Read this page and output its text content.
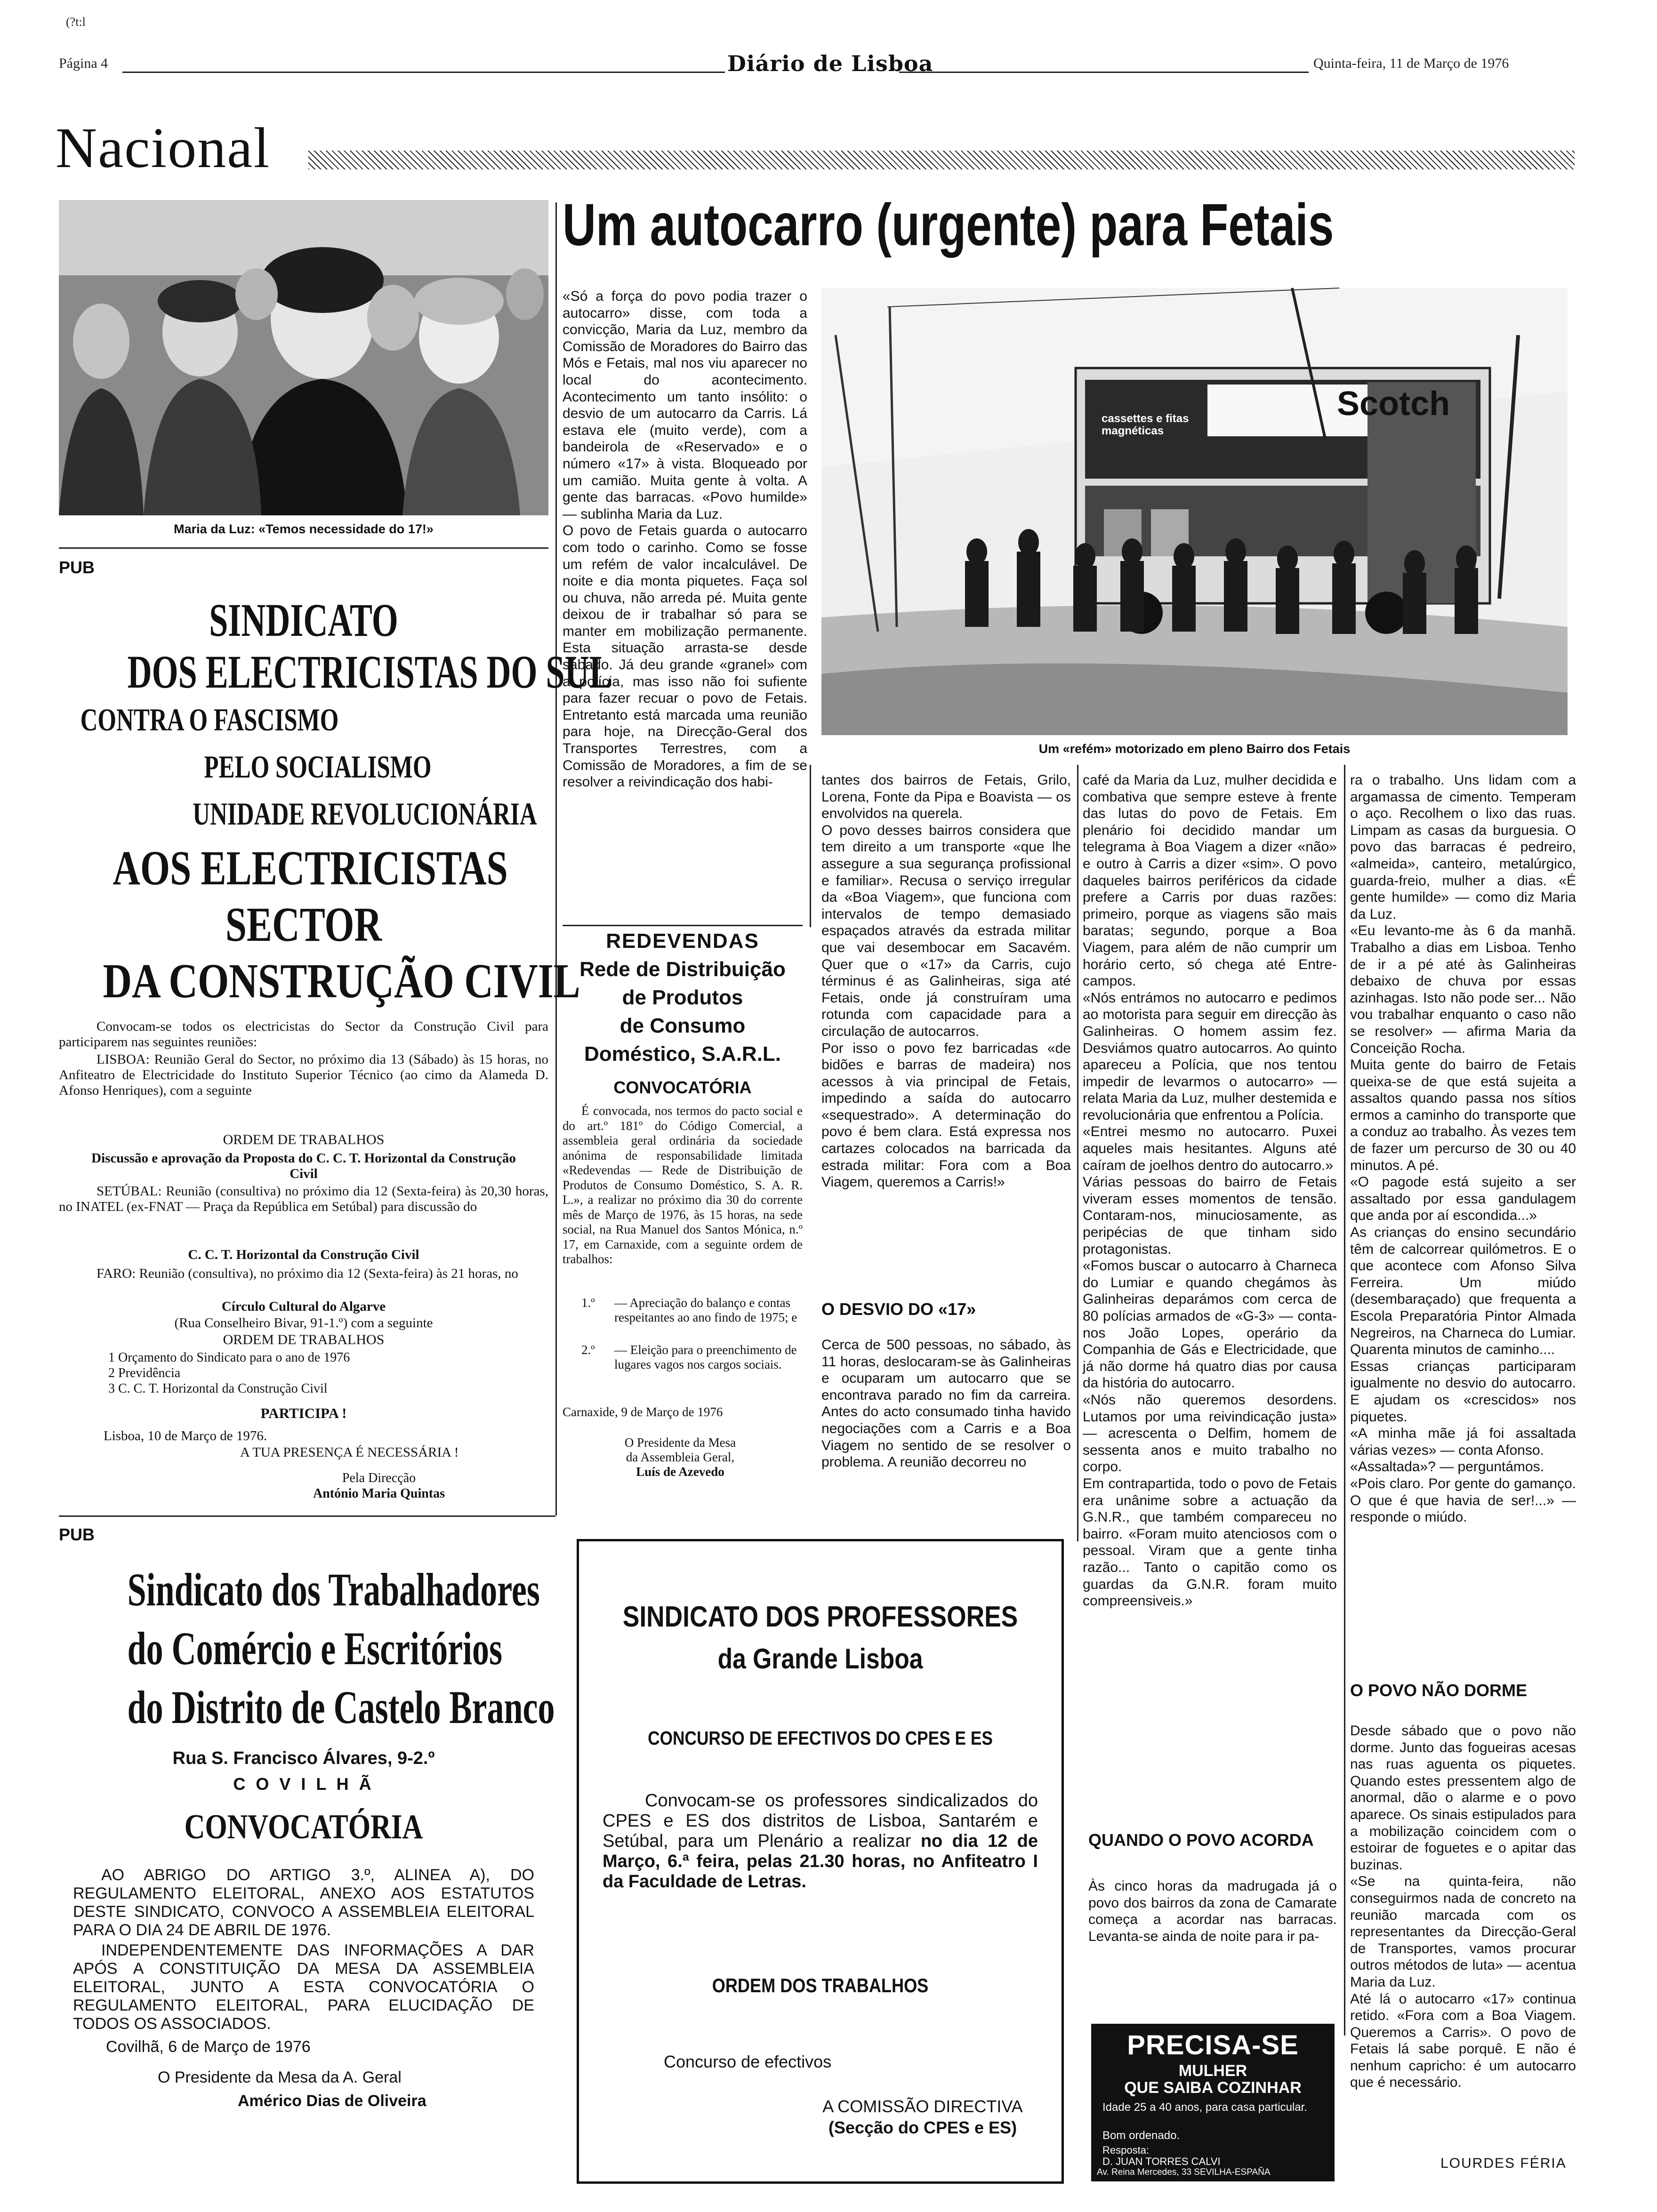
(?t:l
Página 4	Diário de Lisboa	Quinta-feira, 11 de Março de 1976
Nacional
Maria da Luz: «Temos necessidade do 17!»
Um autocarro (urgente) para Fetais
«Só a força do povo podia trazer o autocarro» disse, com toda a convicção, Maria da Luz, membro da Comissão de Moradores do Bairro das Mós e Fetais, mal nos viu aparecer no local do acontecimento. Acontecimento um tanto insólito: o desvio de um autocarro da Carris. Lá estava ele (muito verde), com a bandeirola de «Reservado» e o número «17» à vista. Bloqueado por um camião. Muita gente à volta. A gente das barracas. «Povo humilde» — sublinha Maria da Luz.
O povo de Fetais guarda o autocarro com todo o carinho. Como se fosse um refém de valor incalculável. De noite e dia monta piquetes. Faça sol ou chuva, não arreda pé. Muita gente deixou de ir trabalhar só para se manter em mobilização permanente. Esta situação arrasta-se desde sábado. Já deu grande «granel» com a polícia, mas isso não foi sufiente para fazer recuar o povo de Fetais. Entretanto está marcada uma reunião para hoje, na Direcção-Geral dos Transportes Terrestres, com a Comissão de Moradores, a fim de se resolver a reivindicação dos habi-
Scotch
cassettes e fitas magnéticas
Um «refém» motorizado em pleno Bairro dos Fetais
tantes dos bairros de Fetais, Grilo, Lorena, Fonte da Pipa e Boavista — os envolvidos na querela.
O povo desses bairros considera que tem direito a um transporte «que lhe assegure a sua segurança profissional e familiar». Recusa o serviço irregular da «Boa Viagem», que funciona com intervalos de tempo demasiado espaçados através da estrada militar que vai desembocar em Sacavém. Quer que o «17» da Carris, cujo términus é as Galinheiras, siga até Fetais, onde já construíram uma rotunda com capacidade para a circulação de autocarros.
Por isso o povo fez barricadas «de bidões e barras de madeira) nos acessos à via principal de Fetais, impedindo a saída do autocarro «sequestrado». A determinação do povo é bem clara. Está expressa nos cartazes colocados na barricada da estrada militar: Fora com a Boa Viagem, queremos a Carris!»
O DESVIO DO «17»
Cerca de 500 pessoas, no sábado, às 11 horas, deslocaram-se às Galinheiras e ocuparam um autocarro que se encontrava parado no fim da carreira. Antes do acto consumado tinha havido negociações com a Carris e a Boa Viagem no sentido de se resolver o problema. A reunião decorreu no
café da Maria da Luz, mulher decidida e combativa que sempre esteve à frente das lutas do povo de Fetais. Em plenário foi decidido mandar um telegrama à Boa Viagem a dizer «não» e outro à Carris a dizer «sim». O povo daqueles bairros periféricos da cidade prefere a Carris por duas razões: primeiro, porque as viagens são mais baratas; segundo, porque a Boa Viagem, para além de não cumprir um horário certo, só chega até Entre-campos.
«Nós entrámos no autocarro e pedimos ao motorista para seguir em direcção às Galinheiras. O homem assim fez. Desviámos quatro autocarros. Ao quinto apareceu a Polícia, que nos tentou impedir de levarmos o autocarro» — relata Maria da Luz, mulher destemida e revolucionária que enfrentou a Polícia.
«Entrei mesmo no autocarro. Puxei aqueles mais hesitantes. Alguns até caíram de joelhos dentro do autocarro.»
Várias pessoas do bairro de Fetais viveram esses momentos de tensão. Contaram-nos, minuciosamente, as peripécias de que tinham sido protagonistas.
«Fomos buscar o autocarro à Charneca do Lumiar e quando chegámos às Galinheiras deparámos com cerca de 80 polícias armados de «G-3» — conta-nos João Lopes, operário da Companhia de Gás e Electricidade, que já não dorme há quatro dias por causa da história do autocarro.
«Nós não queremos desordens. Lutamos por uma reivindicação justa» — acrescenta o Delfim, homem de sessenta anos e muito trabalho no corpo.
Em contrapartida, todo o povo de Fetais era unânime sobre a actuação da G.N.R., que também compareceu no bairro. «Foram muito atenciosos com o pessoal. Viram que a gente tinha razão... Tanto o capitão como os guardas da G.N.R. foram muito compreensiveis.»
QUANDO O POVO ACORDA
Às cinco horas da madrugada já o povo dos bairros da zona de Camarate começa a acordar nas barracas. Levanta-se ainda de noite para ir pa-
ra o trabalho. Uns lidam com a argamassa de cimento. Temperam o aço. Recolhem o lixo das ruas. Limpam as casas da burguesia. O povo das barracas é pedreiro, «almeida», canteiro, metalúrgico, guarda-freio, mulher a dias. «É gente humilde» — como diz Maria da Luz.
«Eu levanto-me às 6 da manhã. Trabalho a dias em Lisboa. Tenho de ir a pé até às Galinheiras debaixo de chuva por essas azinhagas. Isto não pode ser... Não vou trabalhar enquanto o caso não se resolver» — afirma Maria da Conceição Rocha.
Muita gente do bairro de Fetais queixa-se de que está sujeita a assaltos quando passa nos sítios ermos a caminho do transporte que a conduz ao trabalho. Às vezes tem de fazer um percurso de 30 ou 40 minutos. A pé.
«O pagode está sujeito a ser assaltado por essa gandulagem que anda por aí escondida...»
As crianças do ensino secundário têm de calcorrear quilómetros. E o que acontece com Afonso Silva Ferreira. Um miúdo (desembaraçado) que frequenta a Escola Preparatória Pintor Almada Negreiros, na Charneca do Lumiar. Quarenta minutos de caminho....
Essas crianças participaram igualmente no desvio do autocarro. E ajudam os «crescidos» nos piquetes.
«A minha mãe já foi assaltada várias vezes» — conta Afonso.
«Assaltada»? — perguntámos.
«Pois claro. Por gente do gamanço. O que é que havia de ser!...» — responde o miúdo.
O POVO NÃO DORME
Desde sábado que o povo não dorme. Junto das fogueiras acesas nas ruas aguenta os piquetes. Quando estes pressentem algo de anormal, dão o alarme e o povo aparece. Os sinais estipulados para a mobilização coincidem com o estoirar de foguetes e o apitar das buzinas.
«Se na quinta-feira, não conseguirmos nada de concreto na reunião marcada com os representantes da Direcção-Geral de Transportes, vamos procurar outros métodos de luta» — acentua Maria da Luz.
Até lá o autocarro «17» continua retido. «Fora com a Boa Viagem. Queremos a Carris». O povo de Fetais lá sabe porquê. E não é nenhum capricho: é um autocarro que é necessário.
LOURDES FÉRIA
PUB
SINDICATO
DOS ELECTRICISTAS DO SUL
CONTRA O FASCISMO
PELO SOCIALISMO
UNIDADE REVOLUCIONÁRIA
AOS ELECTRICISTAS
SECTOR
DA CONSTRUÇÃO CIVIL
Convocam-se todos os electricistas do Sector da Construção Civil para participarem nas seguintes reuniões:
LISBOA: Reunião Geral do Sector, no próximo dia 13 (Sábado) às 15 horas, no Anfiteatro de Electricidade do Instituto Superior Técnico (ao cimo da Alameda D. Afonso Henriques), com a seguinte
ORDEM DE TRABALHOS
Discussão e aprovação da Proposta do C. C. T. Horizontal da Construção Civil
SETÚBAL: Reunião (consultiva) no próximo dia 12 (Sexta-feira) às 20,30 horas, no INATEL (ex-FNAT — Praça da República em Setúbal) para discussão do
C. C. T. Horizontal da Construção Civil
FARO: Reunião (consultiva), no próximo dia 12 (Sexta-feira) às 21 horas, no
Círculo Cultural do Algarve
(Rua Conselheiro Bivar, 91-1.º) com a seguinte
ORDEM DE TRABALHOS
1 Orçamento do Sindicato para o ano de 1976
2 Previdência
3 C. C. T. Horizontal da Construção Civil
PARTICIPA !
Lisboa, 10 de Março de 1976.
A TUA PRESENÇA É NECESSÁRIA !
Pela Direcção
António Maria Quintas
PUB
Sindicato dos Trabalhadores
do Comércio e Escritórios
do Distrito de Castelo Branco
Rua S. Francisco Álvares, 9-2.º
C O V I L H Ã
CONVOCATÓRIA
AO ABRIGO DO ARTIGO 3.º, ALINEA A), DO REGULAMENTO ELEITORAL, ANEXO AOS ESTATUTOS DESTE SINDICATO, CONVOCO A ASSEMBLEIA ELEITORAL PARA O DIA 24 DE ABRIL DE 1976.
INDEPENDENTEMENTE DAS INFORMAÇÕES A DAR APÓS A CONSTITUIÇÃO DA MESA DA ASSEMBLEIA ELEITORAL, JUNTO A ESTA CONVOCATÓRIA O REGULAMENTO ELEITORAL, PARA ELUCIDAÇÃO DE TODOS OS ASSOCIADOS.
Covilhã, 6 de Março de 1976
O Presidente da Mesa da A. Geral
Américo Dias de Oliveira
REDEVENDAS
Rede de Distribuição
de Produtos
de Consumo
Doméstico, S.A.R.L.
CONVOCATÓRIA
É convocada, nos termos do pacto social e do art.º 181º do Código Comercial, a assembleia geral ordinária da sociedade anónima de responsabilidade limitada «Redevendas — Rede de Distribuição de Produtos de Consumo Doméstico, S. A. R. L.», a realizar no próximo dia 30 do corrente mês de Março de 1976, às 15 horas, na sede social, na Rua Manuel dos Santos Mónica, n.º 17, em Carnaxide, com a seguinte ordem de trabalhos:
1.º	— Apreciação do balanço e contas respeitantes ao ano findo de 1975; e
2.º	— Eleição para o preenchimento de lugares vagos nos cargos sociais.
Carnaxide, 9 de Março de 1976
O Presidente da Mesa
da Assembleia Geral,
Luís de Azevedo
SINDICATO DOS PROFESSORES
da Grande Lisboa
CONCURSO DE EFECTIVOS DO CPES E ES
Convocam-se os professores sindicalizados do CPES e ES dos distritos de Lisboa, Santarém e Setúbal, para um Plenário a realizar no dia 12 de Março, 6.ª feira, pelas 21.30 horas, no Anfiteatro I da Faculdade de Letras.
ORDEM DOS TRABALHOS
Concurso de efectivos
A COMISSÃO DIRECTIVA
(Secção do CPES e ES)
PRECISA-SE
MULHER
QUE SAIBA COZINHAR
Idade 25 a 40 anos, para casa particular.
Bom ordenado.
Resposta:
D. JUAN TORRES CALVI
Av. Reina Mercedes, 33 SEVILHA-ESPAÑA
